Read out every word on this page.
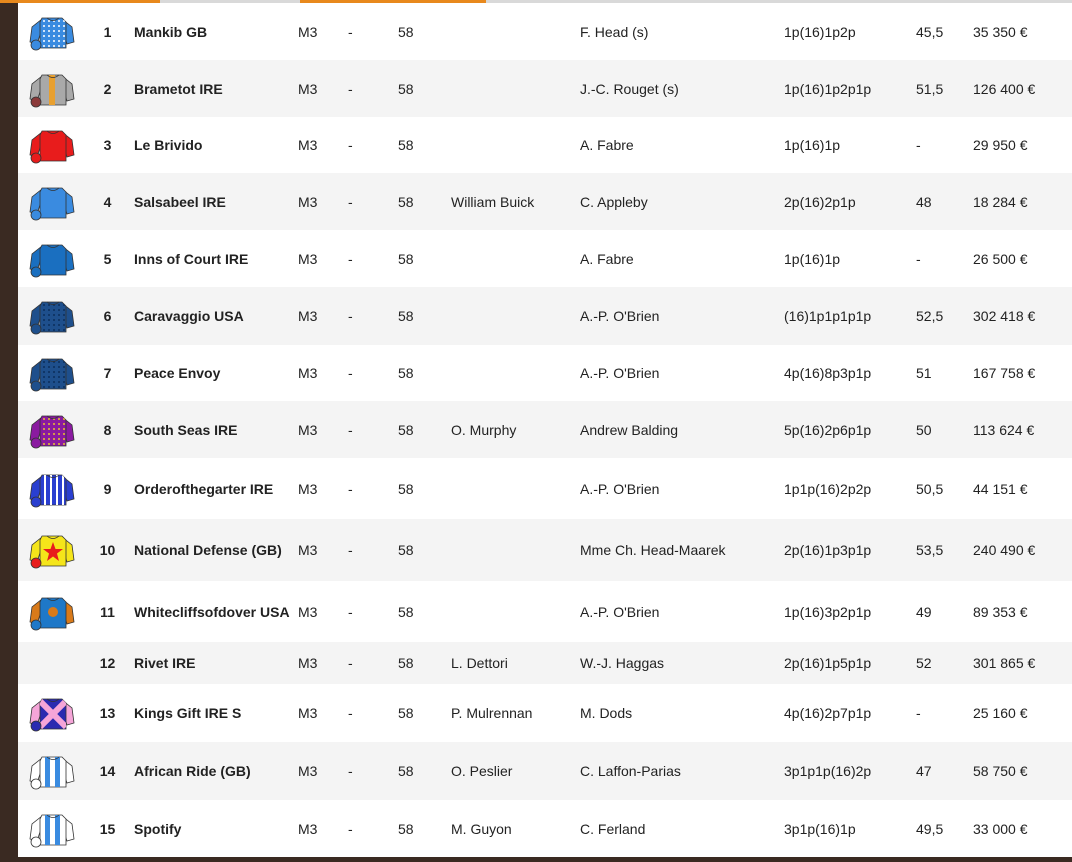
	1	Mankib GB	M3	-	58		F. Head (s)	1p(16)1p2p	45,5	35 350 €

	2	Brametot IRE	M3	-	58		J.-C. Rouget (s)	1p(16)1p2p1p	51,5	126 400 €

	3	Le Brivido	M3	-	58		A. Fabre	1p(16)1p	-	29 950 €

	4	Salsabeel IRE	M3	-	58	William Buick	C. Appleby	2p(16)2p1p	48	18 284 €

	5	Inns of Court IRE	M3	-	58		A. Fabre	1p(16)1p	-	26 500 €

	6	Caravaggio USA	M3	-	58		A.-P. O'Brien	(16)1p1p1p1p	52,5	302 418 €

	7	Peace Envoy	M3	-	58		A.-P. O'Brien	4p(16)8p3p1p	51	167 758 €

	8	South Seas IRE	M3	-	58	O. Murphy	Andrew Balding	5p(16)2p6p1p	50	113 624 €

	9	Orderofthegarter IRE	M3	-	58		A.-P. O'Brien	1p1p(16)2p2p	50,5	44 151 €

	10	National Defense (GB)	M3	-	58		Mme Ch. Head-Maarek	2p(16)1p3p1p	53,5	240 490 €

	11	Whitecliffsofdover USA	M3	-	58		A.-P. O'Brien	1p(16)3p2p1p	49	89 353 €
	12	Rivet IRE	M3	-	58	L. Dettori	W.-J. Haggas	2p(16)1p5p1p	52	301 865 €

	13	Kings Gift IRE S	M3	-	58	P. Mulrennan	M. Dods	4p(16)2p7p1p	-	25 160 €

	14	African Ride (GB)	M3	-	58	O. Peslier	C. Laffon-Parias	3p1p1p(16)2p	47	58 750 €

	15	Spotify	M3	-	58	M. Guyon	C. Ferland	3p1p(16)1p	49,5	33 000 €
